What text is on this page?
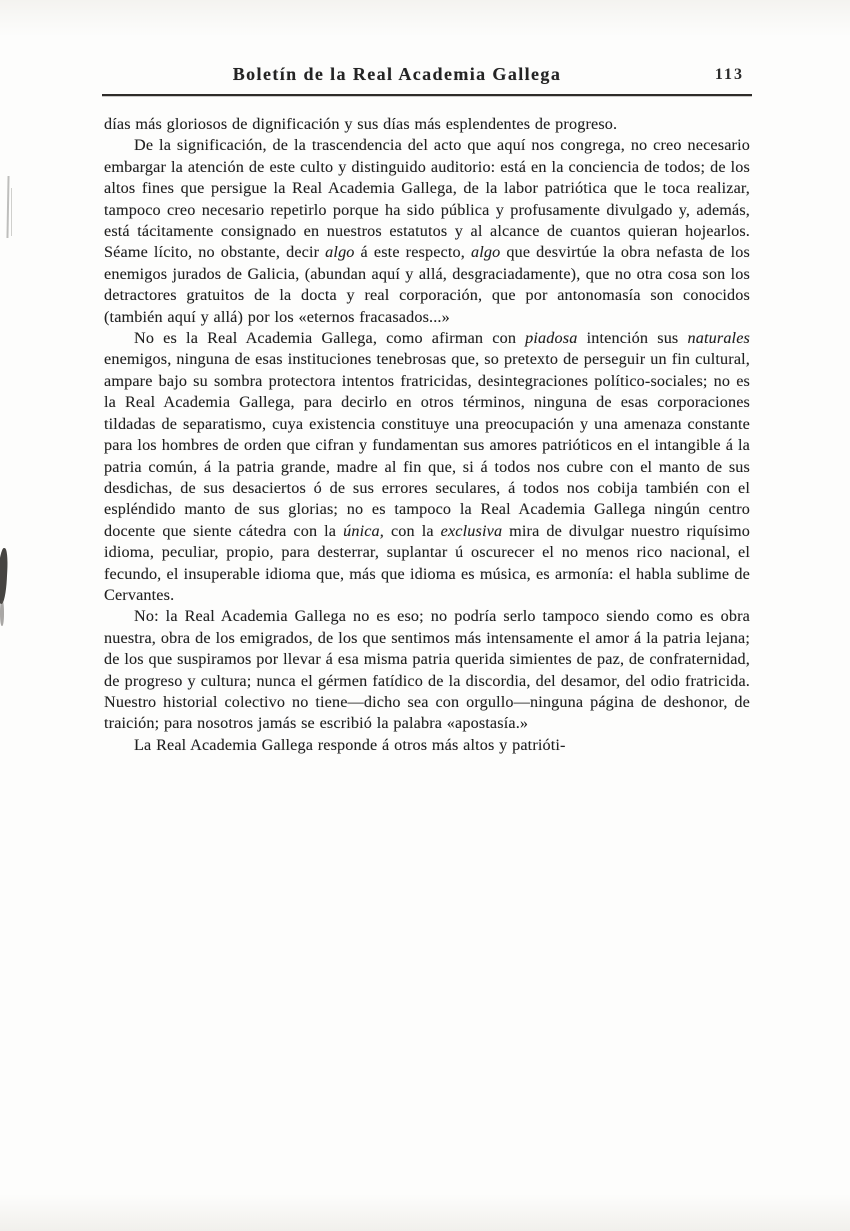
Boletín de la Real Academia Gallega	113

días más gloriosos de dignificación y sus días más esplendentes de progreso.

De la significación, de la trascendencia del acto que aquí nos congrega, no creo necesario embargar la atención de este culto y distinguido auditorio: está en la conciencia de todos; de los altos fines que persigue la Real Academia Gallega, de la labor patriótica que le toca realizar, tampoco creo necesario repetirlo porque ha sido pública y profusamente divulgado y, además, está tácitamente consignado en nuestros estatutos y al alcance de cuantos quieran hojearlos. Séame lícito, no obstante, decir algo á este respecto, algo que desvirtúe la obra nefasta de los enemigos jurados de Galicia, (abundan aquí y allá, desgraciadamente), que no otra cosa son los detractores gratuitos de la docta y real corporación, que por antonomasía son conocidos (también aquí y allá) por los «eternos fracasados...»

No es la Real Academia Gallega, como afirman con piadosa intención sus naturales enemigos, ninguna de esas instituciones tenebrosas que, so pretexto de perseguir un fin cultural, ampare bajo su sombra protectora intentos fratricidas, desintegraciones político-sociales; no es la Real Academia Gallega, para decirlo en otros términos, ninguna de esas corporaciones tildadas de separatismo, cuya existencia constituye una preocupación y una amenaza constante para los hombres de orden que cifran y fundamentan sus amores patrióticos en el intangible á la patria común, á la patria grande, madre al fin que, si á todos nos cubre con el manto de sus desdichas, de sus desaciertos ó de sus errores seculares, á todos nos cobija también con el espléndido manto de sus glorias; no es tampoco la Real Academia Gallega ningún centro docente que siente cátedra con la única, con la exclusiva mira de divulgar nuestro riquísimo idioma, peculiar, propio, para desterrar, suplantar ú oscurecer el no menos rico nacional, el fecundo, el insuperable idioma que, más que idioma es música, es armonía: el habla sublime de Cervantes.

No: la Real Academia Gallega no es eso; no podría serlo tampoco siendo como es obra nuestra, obra de los emigrados, de los que sentimos más intensamente el amor á la patria lejana; de los que suspiramos por llevar á esa misma patria querida simientes de paz, de confraternidad, de progreso y cultura; nunca el gérmen fatídico de la discordia, del desamor, del odio fratricida. Nuestro historial colectivo no tiene—dicho sea con orgullo—ninguna página de deshonor, de traición; para nosotros jamás se escribió la palabra «apostasía.»

La Real Academia Gallega responde á otros más altos y patrióti-
